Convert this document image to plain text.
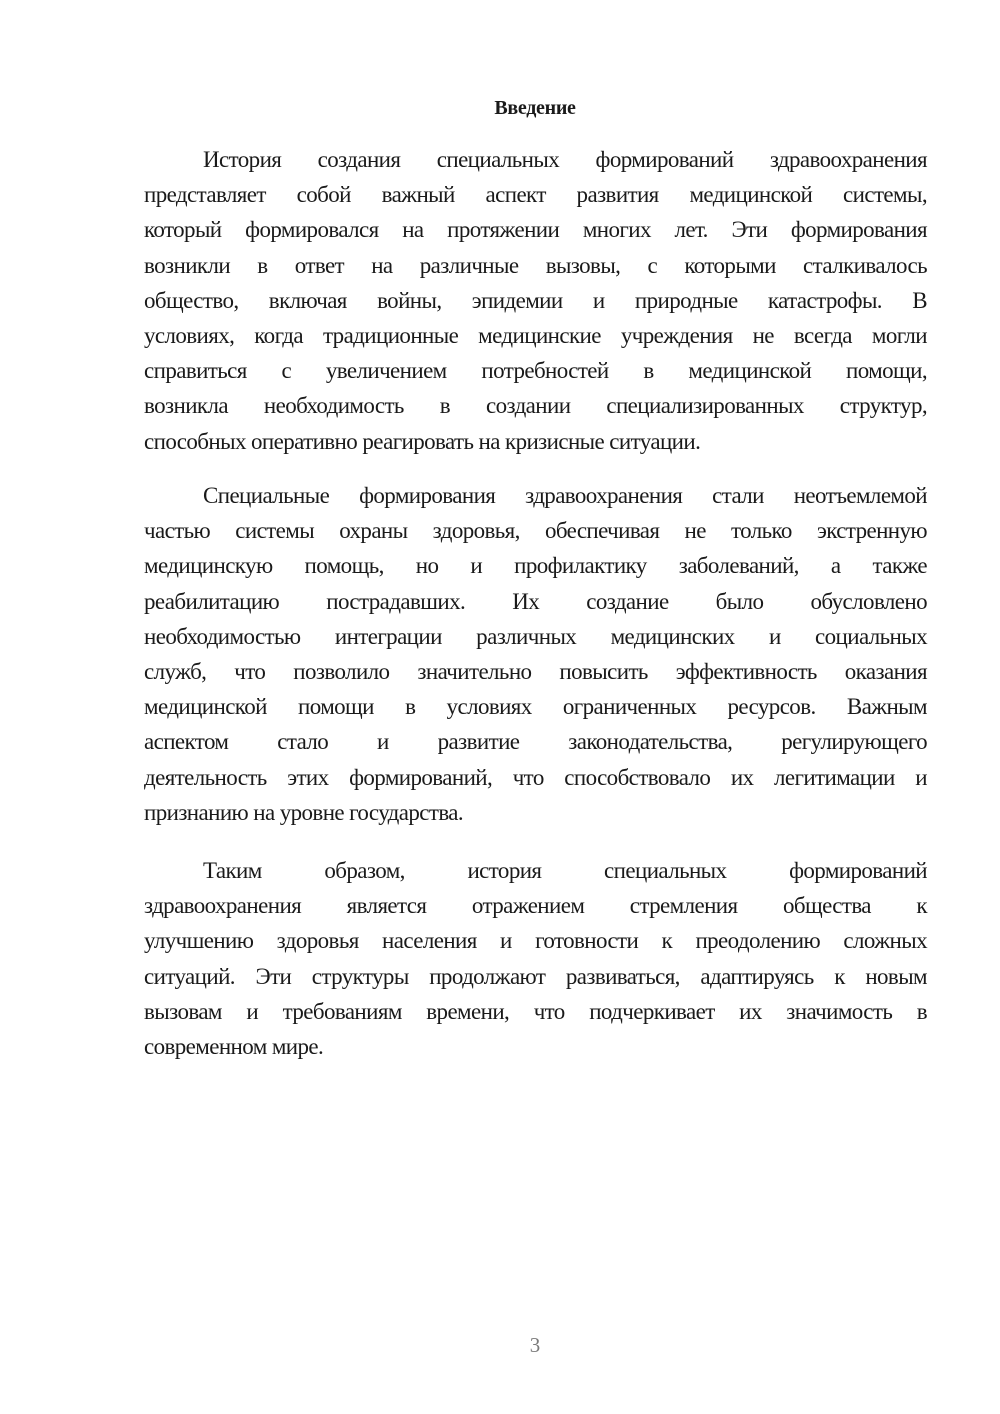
Введение
История создания специальных формирований здравоохранения
представляет собой важный аспект развития медицинской системы,
который формировался на протяжении многих лет. Эти формирования
возникли в ответ на различные вызовы, с которыми сталкивалось
общество, включая войны, эпидемии и природные катастрофы. В
условиях, когда традиционные медицинские учреждения не всегда могли
справиться с увеличением потребностей в медицинской помощи,
возникла необходимость в создании специализированных структур,
способных оперативно реагировать на кризисные ситуации.
Специальные формирования здравоохранения стали неотъемлемой
частью системы охраны здоровья, обеспечивая не только экстренную
медицинскую помощь, но и профилактику заболеваний, а также
реабилитацию пострадавших. Их создание было обусловлено
необходимостью интеграции различных медицинских и социальных
служб, что позволило значительно повысить эффективность оказания
медицинской помощи в условиях ограниченных ресурсов. Важным
аспектом стало и развитие законодательства, регулирующего
деятельность этих формирований, что способствовало их легитимации и
признанию на уровне государства.
Таким образом, история специальных формирований
здравоохранения является отражением стремления общества к
улучшению здоровья населения и готовности к преодолению сложных
ситуаций. Эти структуры продолжают развиваться, адаптируясь к новым
вызовам и требованиям времени, что подчеркивает их значимость в
современном мире.
3
